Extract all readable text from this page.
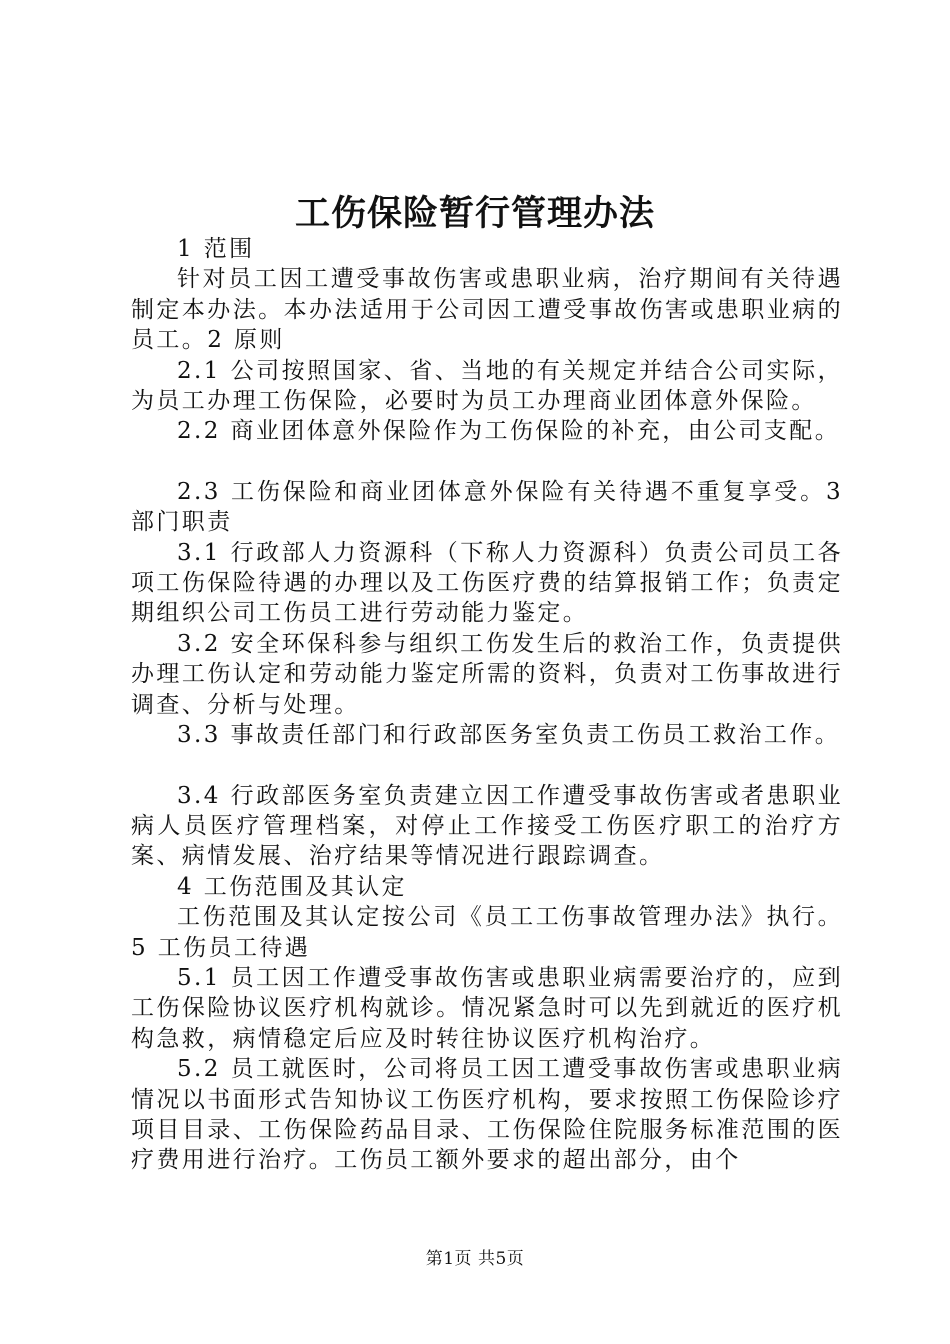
工伤保险暂行管理办法

1 范围

针对员工因工遭受事故伤害或患职业病，治疗期间有关待遇制定本办法。本办法适用于公司因工遭受事故伤害或患职业病的员工。2 原则

2.1 公司按照国家、省、当地的有关规定并结合公司实际，为员工办理工伤保险，必要时为员工办理商业团体意外保险。

2.2 商业团体意外保险作为工伤保险的补充，由公司支配。

2.3 工伤保险和商业团体意外保险有关待遇不重复享受。3 部门职责

3.1 行政部人力资源科（下称人力资源科）负责公司员工各项工伤保险待遇的办理以及工伤医疗费的结算报销工作；负责定期组织公司工伤员工进行劳动能力鉴定。

3.2 安全环保科参与组织工伤发生后的救治工作，负责提供办理工伤认定和劳动能力鉴定所需的资料，负责对工伤事故进行调查、分析与处理。

3.3 事故责任部门和行政部医务室负责工伤员工救治工作。

3.4 行政部医务室负责建立因工作遭受事故伤害或者患职业病人员医疗管理档案，对停止工作接受工伤医疗职工的治疗方案、病情发展、治疗结果等情况进行跟踪调查。

4 工伤范围及其认定

工伤范围及其认定按公司《员工工伤事故管理办法》执行。5 工伤员工待遇

5.1 员工因工作遭受事故伤害或患职业病需要治疗的，应到工伤保险协议医疗机构就诊。情况紧急时可以先到就近的医疗机构急救，病情稳定后应及时转往协议医疗机构治疗。

5.2 员工就医时，公司将员工因工遭受事故伤害或患职业病情况以书面形式告知协议工伤医疗机构，要求按照工伤保险诊疗项目目录、工伤保险药品目录、工伤保险住院服务标准范围的医疗费用进行治疗。工伤员工额外要求的超出部分，由个

第1页 共5页
